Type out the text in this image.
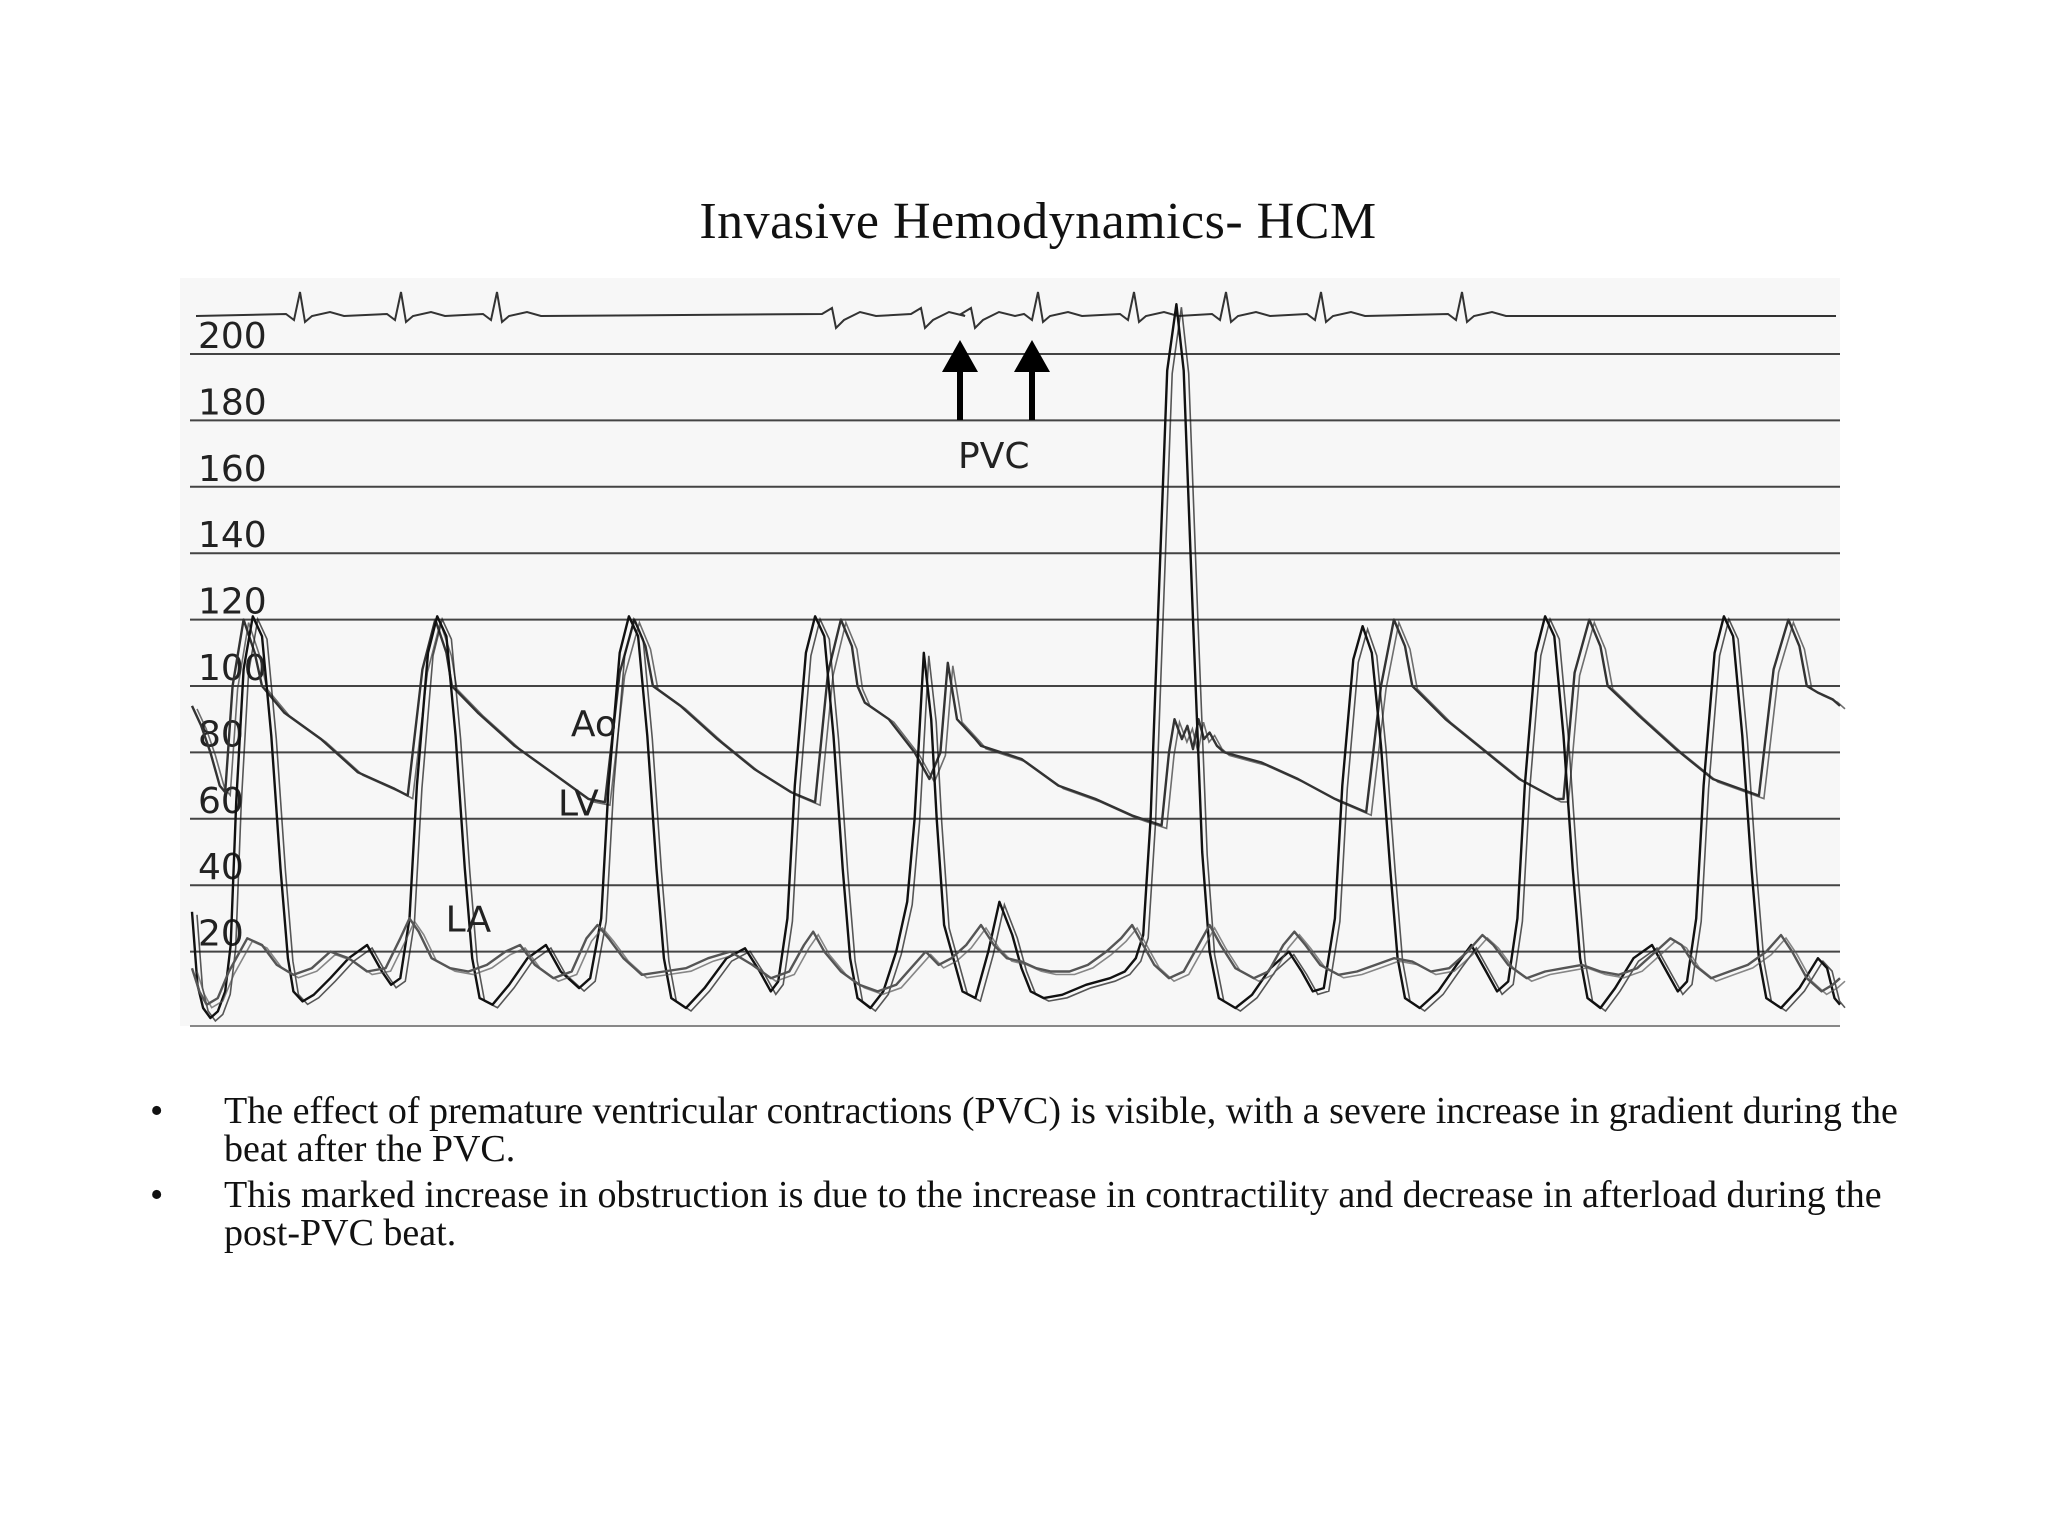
Invasive Hemodynamics- HCM
200
180
160
140
120
100
80
60
40
20
Ao
LV
LA
PVC
• The effect of premature ventricular contractions (PVC) is visible, with a severe increase in gradient during the beat after the PVC.
• This marked increase in obstruction is due to the increase in contractility and decrease in afterload during the post-PVC beat.
